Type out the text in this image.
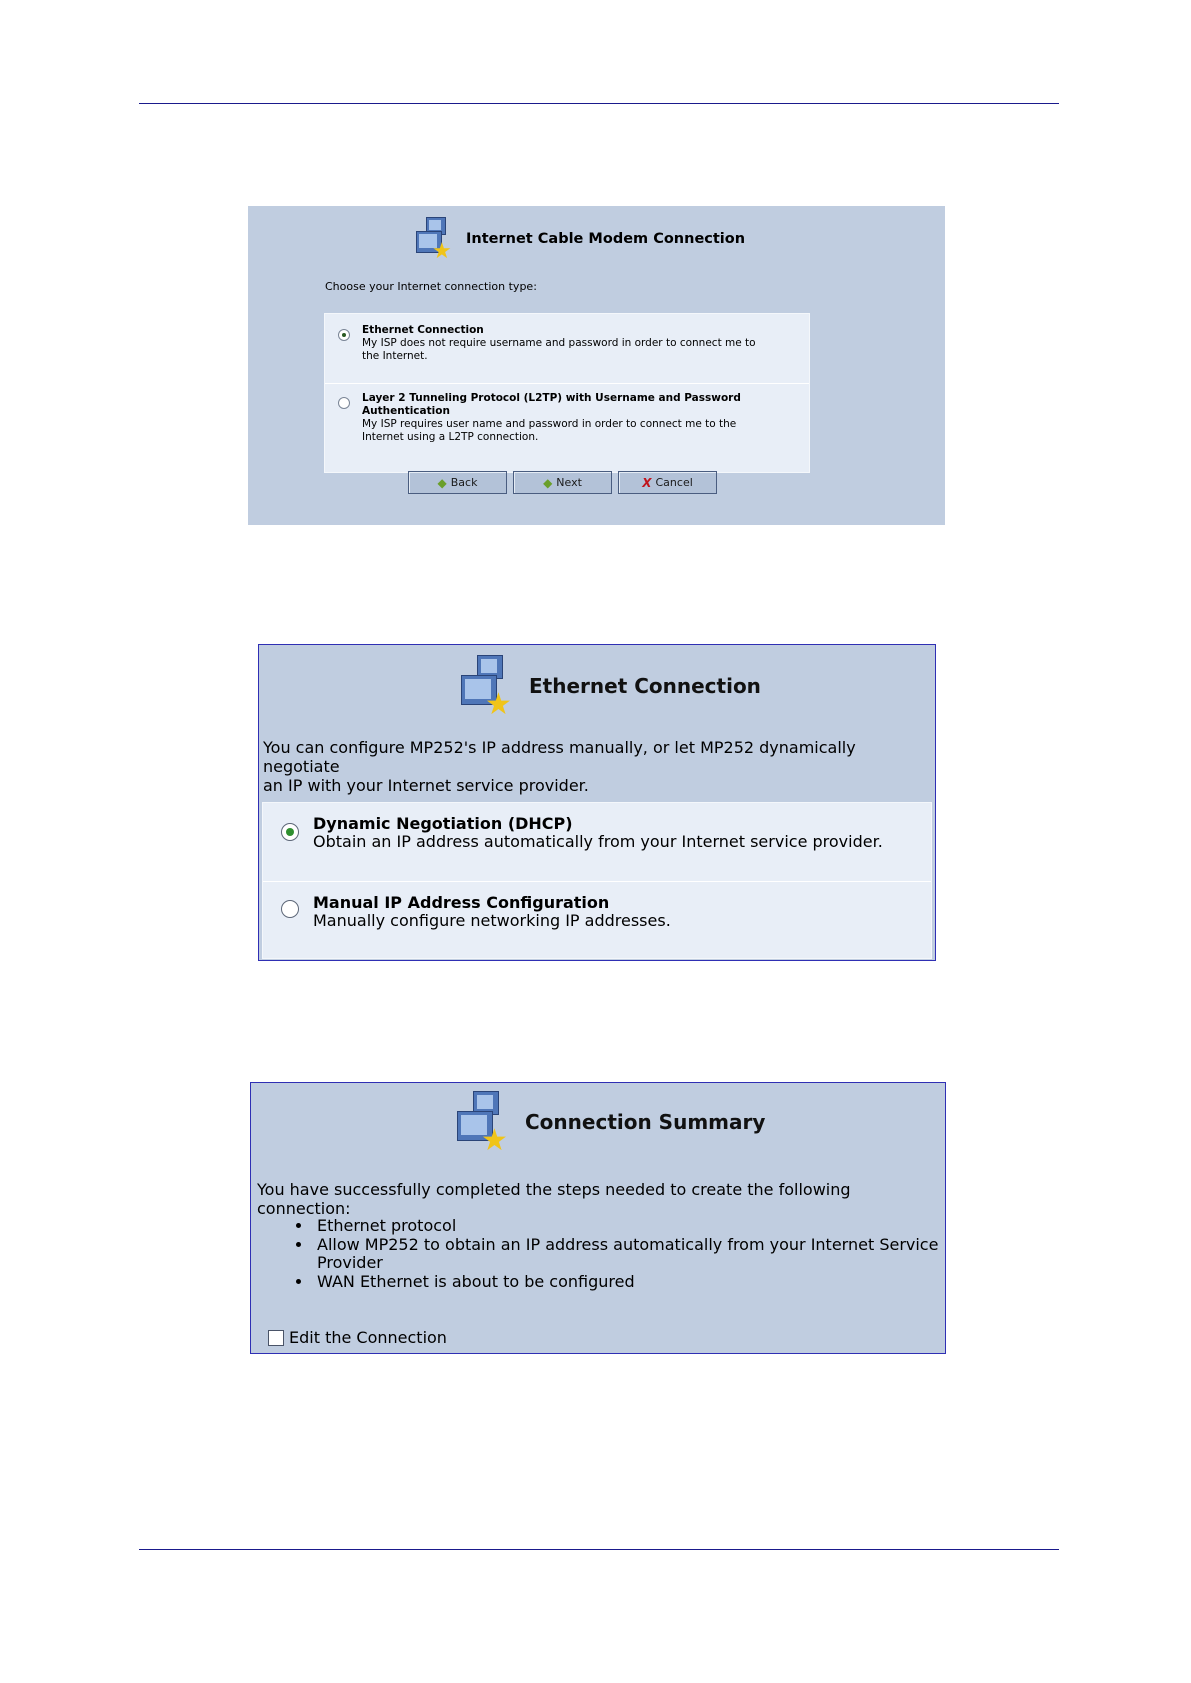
★ Internet Cable Modem Connection
Choose your Internet connection type:
Ethernet Connection
My ISP does not require username and password in order to connect me to
the Internet.
Layer 2 Tunneling Protocol (L2TP) with Username and Password
Authentication
My ISP requires user name and password in order to connect me to the
Internet using a L2TP connection.
◆ Back	◆ Next	X Cancel
★
Ethernet Connection
You can configure MP252's IP address manually, or let MP252 dynamically negotiate
an IP with your Internet service provider.
Dynamic Negotiation (DHCP)
Obtain an IP address automatically from your Internet service provider.
Manual IP Address Configuration
Manually configure networking IP addresses.
★
Connection Summary
You have successfully completed the steps needed to create the following
connection:
• Ethernet protocol
• Allow MP252 to obtain an IP address automatically from your Internet Service
Provider
• WAN Ethernet is about to be configured
Edit the Connection
